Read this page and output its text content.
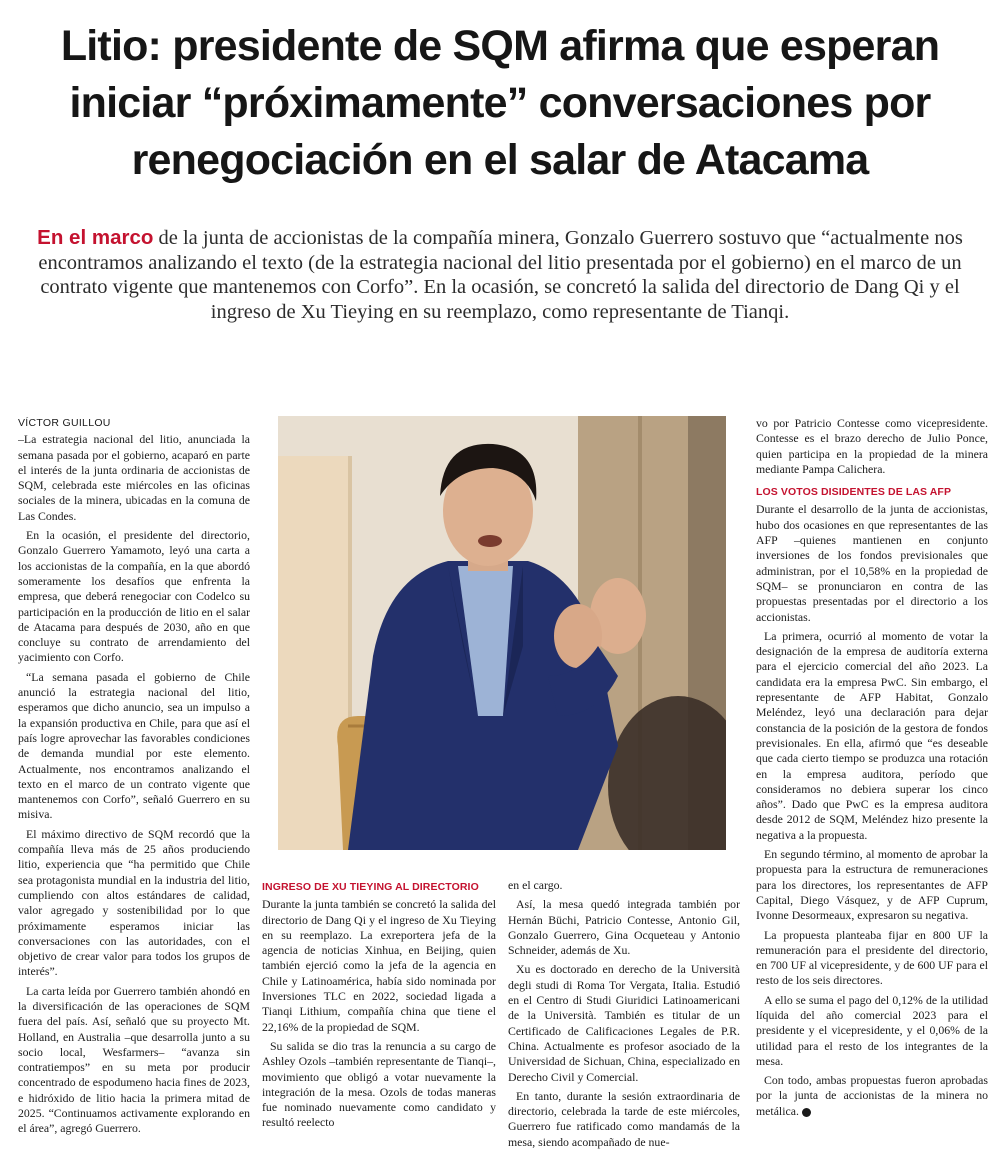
Litio: presidente de SQM afirma que esperan iniciar “próximamente” conversaciones por renegociación en el salar de Atacama

En el marco de la junta de accionistas de la compañía minera, Gonzalo Guerrero sostuvo que “actualmente nos encontramos analizando el texto (de la estrategia nacional del litio presentada por el gobierno) en el marco de un contrato vigente que mantenemos con Corfo”. En la ocasión, se concretó la salida del directorio de Dang Qi y el ingreso de Xu Tieying en su reemplazo, como representante de Tianqi.

VÍCTOR GUILLOU

–La estrategia nacional del litio, anunciada la semana pasada por el gobierno, acaparó en parte el interés de la junta ordinaria de accionistas de SQM, celebrada este miércoles en las oficinas sociales de la minera, ubicadas en la comuna de Las Condes.

En la ocasión, el presidente del directorio, Gonzalo Guerrero Yamamoto, leyó una carta a los accionistas de la compañía, en la que abordó someramente los desafíos que enfrenta la empresa, que deberá renegociar con Codelco su participación en la producción de litio en el salar de Atacama para después de 2030, año en que concluye su contrato de arrendamiento del yacimiento con Corfo.

“La semana pasada el gobierno de Chile anunció la estrategia nacional del litio, esperamos que dicho anuncio, sea un impulso a la expansión productiva en Chile, para que así el país logre aprovechar las favorables condiciones de demanda mundial por este elemento. Actualmente, nos encontramos analizando el texto en el marco de un contrato vigente que mantenemos con Corfo”, señaló Guerrero en su misiva.

El máximo directivo de SQM recordó que la compañía lleva más de 25 años produciendo litio, experiencia que “ha permitido que Chile sea protagonista mundial en la industria del litio, cumpliendo con altos estándares de calidad, valor agregado y sostenibilidad por lo que próximamente esperamos iniciar las conversaciones con las autoridades, con el objetivo de crear valor para todos los grupos de interés”.

La carta leída por Guerrero también ahondó en la diversificación de las operaciones de SQM fuera del país. Así, señaló que su proyecto Mt. Holland, en Australia –que desarrolla junto a su socio local, Wesfarmers– “avanza sin contratiempos” en su meta por producir concentrado de espodumeno hacia fines de 2023, e hidróxido de litio hacia la primera mitad de 2025. “Continuamos activamente explorando en el área”, agregó Guerrero.

INGRESO DE XU TIEYING AL DIRECTORIO

Durante la junta también se concretó la salida del directorio de Dang Qi y el ingreso de Xu Tieying en su reemplazo. La exreportera jefa de la agencia de noticias Xinhua, en Beijing, quien también ejerció como la jefa de la agencia en Chile y Latinoamérica, había sido nominada por Inversiones TLC en 2022, sociedad ligada a Tianqi Lithium, compañía china que tiene el 22,16% de la propiedad de SQM.

Su salida se dio tras la renuncia a su cargo de Ashley Ozols –también representante de Tianqi–, movimiento que obligó a votar nuevamente la integración de la mesa. Ozols de todas maneras fue nominado nuevamente como candidato y resultó reelecto

en el cargo.

Así, la mesa quedó integrada también por Hernán Büchi, Patricio Contesse, Antonio Gil, Gonzalo Guerrero, Gina Ocqueteau y Antonio Schneider, además de Xu.

Xu es doctorado en derecho de la Università degli studi di Roma Tor Vergata, Italia. Estudió en el Centro di Studi Giuridici Latinoamericani de la Università. También es titular de un Certificado de Calificaciones Legales de P.R. China. Actualmente es profesor asociado de la Universidad de Sichuan, China, especializado en Derecho Civil y Comercial.

En tanto, durante la sesión extraordinaria de directorio, celebrada la tarde de este miércoles, Guerrero fue ratificado como mandamás de la mesa, siendo acompañado de nue-

vo por Patricio Contesse como vicepresidente. Contesse es el brazo derecho de Julio Ponce, quien participa en la propiedad de la minera mediante Pampa Calichera.

LOS VOTOS DISIDENTES DE LAS AFP

Durante el desarrollo de la junta de accionistas, hubo dos ocasiones en que representantes de las AFP –quienes mantienen en conjunto inversiones de los fondos previsionales que administran, por el 10,58% en la propiedad de SQM– se pronunciaron en contra de las propuestas presentadas por el directorio a los accionistas.

La primera, ocurrió al momento de votar la designación de la empresa de auditoría externa para el ejercicio comercial del año 2023. La candidata era la empresa PwC. Sin embargo, el representante de AFP Habitat, Gonzalo Meléndez, leyó una declaración para dejar constancia de la posición de la gestora de fondos previsionales. En ella, afirmó que “es deseable que cada cierto tiempo se produzca una rotación en la empresa auditora, período que consideramos no debiera superar los cinco años”. Dado que PwC es la empresa auditora desde 2012 de SQM, Meléndez hizo presente la negativa a la propuesta.

En segundo término, al momento de aprobar la propuesta para la estructura de remuneraciones para los directores, los representantes de AFP Capital, Diego Vásquez, y de AFP Cuprum, Ivonne Desormeaux, expresaron su negativa.

La propuesta planteaba fijar en 800 UF la remuneración para el presidente del directorio, en 700 UF al vicepresidente, y de 600 UF para el resto de los seis directores.

A ello se suma el pago del 0,12% de la utilidad líquida del año comercial 2023 para el presidente y el vicepresidente, y el 0,06% de la utilidad para el resto de los integrantes de la mesa.

Con todo, ambas propuestas fueron aprobadas por la junta de accionistas de la minera no metálica.
